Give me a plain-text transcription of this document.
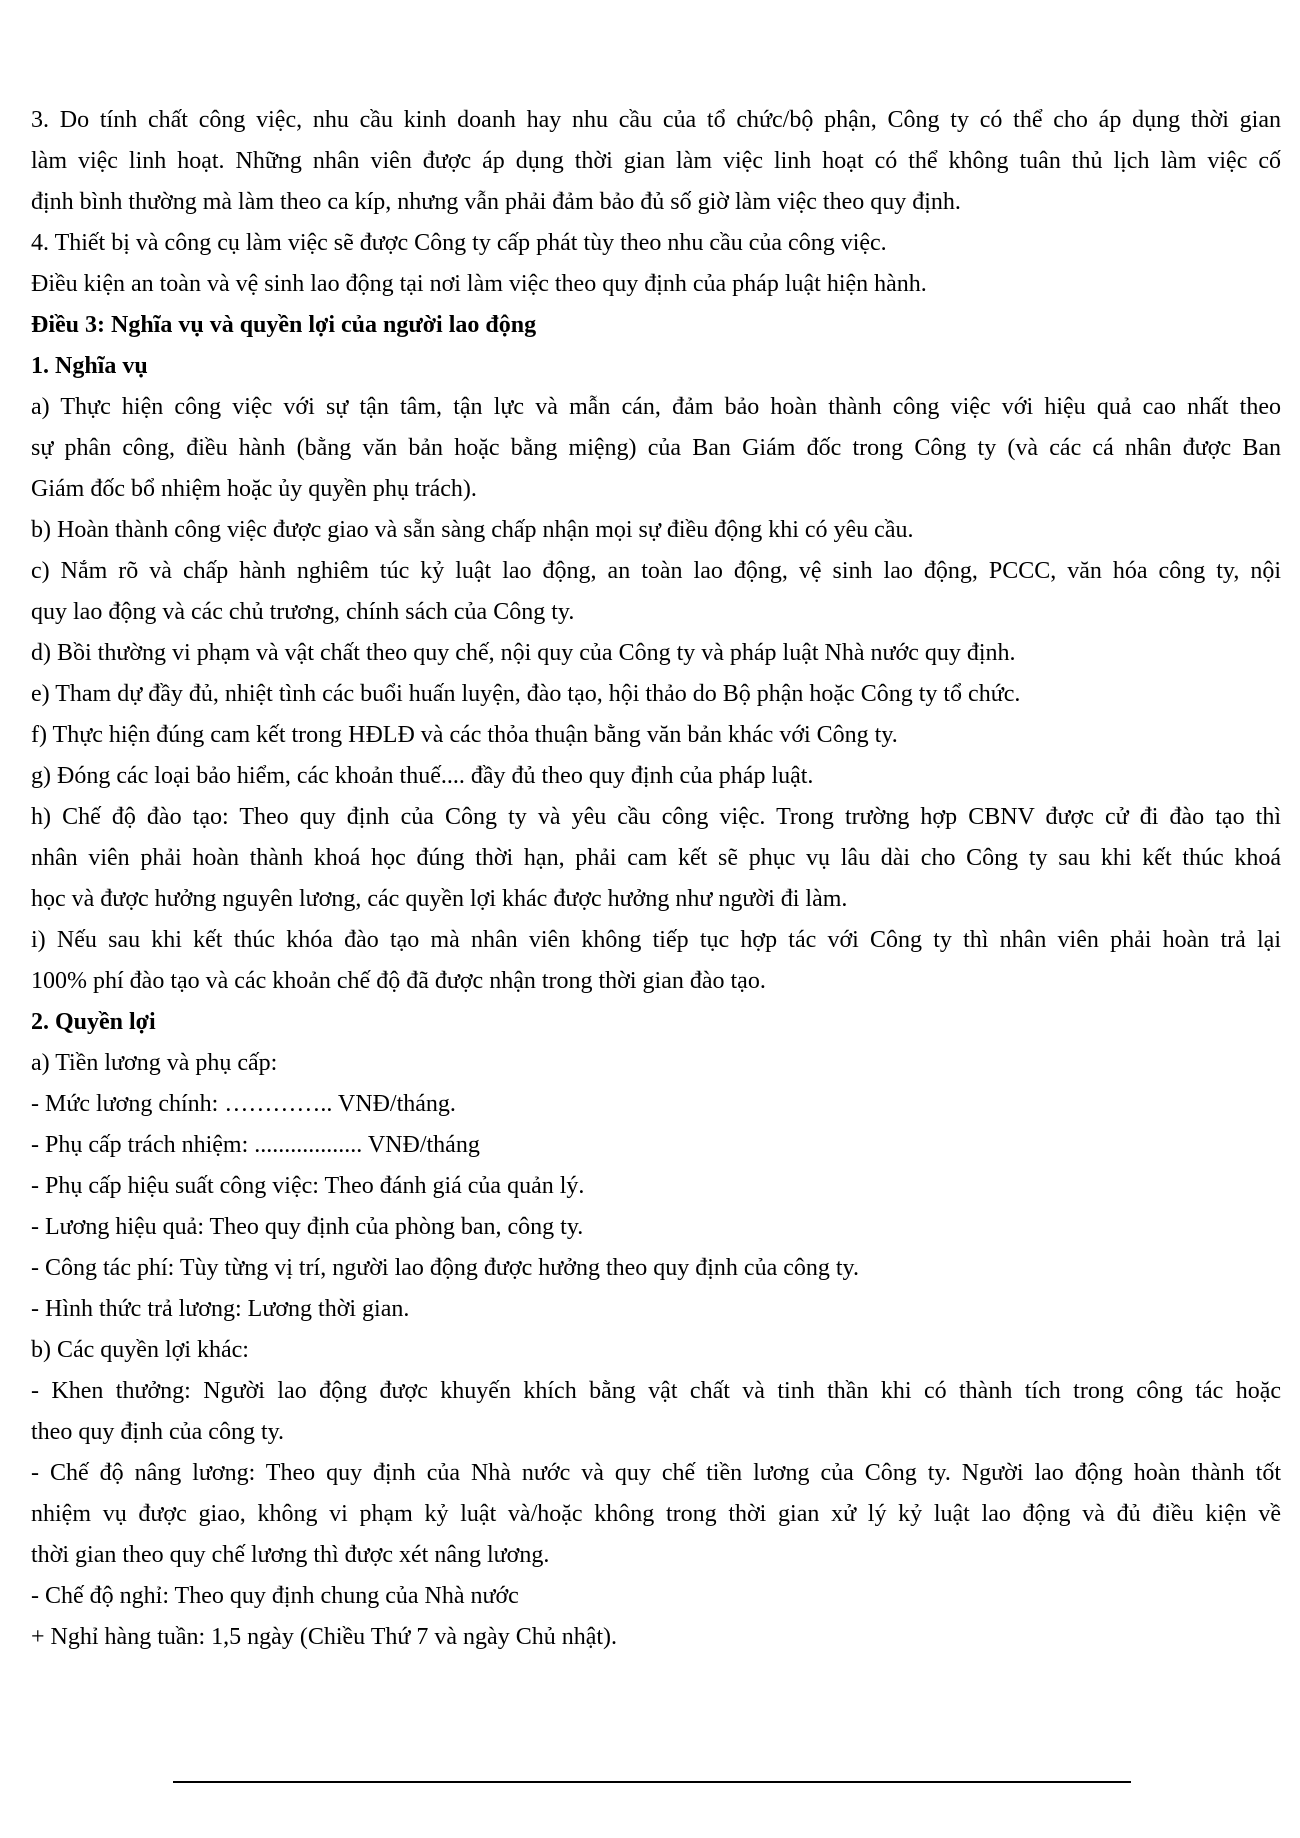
3. Do tính chất công việc, nhu cầu kinh doanh hay nhu cầu của tổ chức/bộ phận, Công ty có thể cho áp dụng thời gian
làm việc linh hoạt. Những nhân viên được áp dụng thời gian làm việc linh hoạt có thể không tuân thủ lịch làm việc cố
định bình thường mà làm theo ca kíp, nhưng vẫn phải đảm bảo đủ số giờ làm việc theo quy định.
4. Thiết bị và công cụ làm việc sẽ được Công ty cấp phát tùy theo nhu cầu của công việc.
Điều kiện an toàn và vệ sinh lao động tại nơi làm việc theo quy định của pháp luật hiện hành.
Điều 3: Nghĩa vụ và quyền lợi của người lao động
1. Nghĩa vụ
a) Thực hiện công việc với sự tận tâm, tận lực và mẫn cán, đảm bảo hoàn thành công việc với hiệu quả cao nhất theo
sự phân công, điều hành (bằng văn bản hoặc bằng miệng) của Ban Giám đốc trong Công ty (và các cá nhân được Ban
Giám đốc bổ nhiệm hoặc ủy quyền phụ trách).
b) Hoàn thành công việc được giao và sẵn sàng chấp nhận mọi sự điều động khi có yêu cầu.
c) Nắm rõ và chấp hành nghiêm túc kỷ luật lao động, an toàn lao động, vệ sinh lao động, PCCC, văn hóa công ty, nội
quy lao động và các chủ trương, chính sách của Công ty.
d) Bồi thường vi phạm và vật chất theo quy chế, nội quy của Công ty và pháp luật Nhà nước quy định.
e) Tham dự đầy đủ, nhiệt tình các buổi huấn luyện, đào tạo, hội thảo do Bộ phận hoặc Công ty tổ chức.
f) Thực hiện đúng cam kết trong HĐLĐ và các thỏa thuận bằng văn bản khác với Công ty.
g) Đóng các loại bảo hiểm, các khoản thuế.... đầy đủ theo quy định của pháp luật.
h) Chế độ đào tạo: Theo quy định của Công ty và yêu cầu công việc. Trong trường hợp CBNV được cử đi đào tạo thì
nhân viên phải hoàn thành khoá học đúng thời hạn, phải cam kết sẽ phục vụ lâu dài cho Công ty sau khi kết thúc khoá
học và được hưởng nguyên lương, các quyền lợi khác được hưởng như người đi làm.
i) Nếu sau khi kết thúc khóa đào tạo mà nhân viên không tiếp tục hợp tác với Công ty thì nhân viên phải hoàn trả lại
100% phí đào tạo và các khoản chế độ đã được nhận trong thời gian đào tạo.
2. Quyền lợi
a) Tiền lương và phụ cấp:
- Mức lương chính: ………….. VNĐ/tháng.
- Phụ cấp trách nhiệm: .................. VNĐ/tháng
- Phụ cấp hiệu suất công việc: Theo đánh giá của quản lý.
- Lương hiệu quả: Theo quy định của phòng ban, công ty.
- Công tác phí: Tùy từng vị trí, người lao động được hưởng theo quy định của công ty.
- Hình thức trả lương: Lương thời gian.
b) Các quyền lợi khác:
- Khen thưởng: Người lao động được khuyến khích bằng vật chất và tinh thần khi có thành tích trong công tác hoặc
theo quy định của công ty.
- Chế độ nâng lương: Theo quy định của Nhà nước và quy chế tiền lương của Công ty. Người lao động hoàn thành tốt
nhiệm vụ được giao, không vi phạm kỷ luật và/hoặc không trong thời gian xử lý kỷ luật lao động và đủ điều kiện về
thời gian theo quy chế lương thì được xét nâng lương.
- Chế độ nghỉ: Theo quy định chung của Nhà nước
+ Nghỉ hàng tuần: 1,5 ngày (Chiều Thứ 7 và ngày Chủ nhật).
